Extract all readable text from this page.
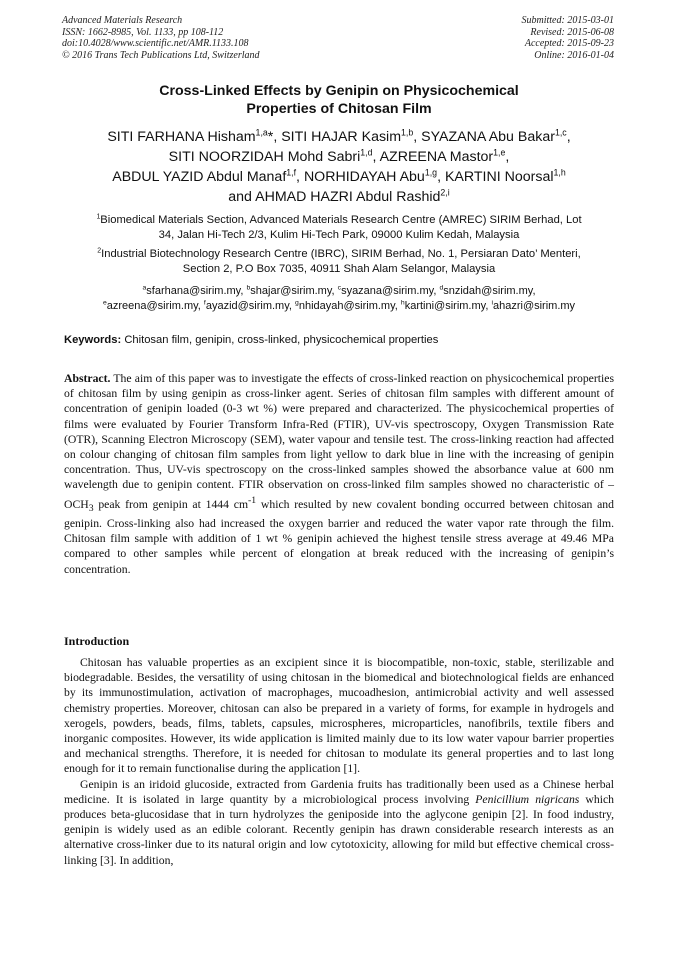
Advanced Materials Research
ISSN: 1662-8985, Vol. 1133, pp 108-112
doi:10.4028/www.scientific.net/AMR.1133.108
© 2016 Trans Tech Publications Ltd, Switzerland
Submitted: 2015-03-01
Revised: 2015-06-08
Accepted: 2015-09-23
Online: 2016-01-04
Cross-Linked Effects by Genipin on Physicochemical
Properties of Chitosan Film
SITI FARHANA Hisham$^{1,a}$*, SITI HAJAR Kasim$^{1,b}$, SYAZANA Abu Bakar$^{1,c}$,
SITI NOORZIDAH Mohd Sabri$^{1,d}$, AZREENA Mastor$^{1,e}$,
ABDUL YAZID Abdul Manaf$^{1,f}$, NORHIDAYAH Abu$^{1,g}$, KARTINI Noorsal$^{1,h}$
and AHMAD HAZRI Abdul Rashid$^{2,i}$
$^1$Biomedical Materials Section, Advanced Materials Research Centre (AMREC) SIRIM Berhad, Lot
34, Jalan Hi-Tech 2/3, Kulim Hi-Tech Park, 09000 Kulim Kedah, Malaysia
$^2$Industrial Biotechnology Research Centre (IBRC), SIRIM Berhad, No. 1, Persiaran Dato’ Menteri,
Section 2, P.O Box 7035, 40911 Shah Alam Selangor, Malaysia
$^a$sfarhana@sirim.my, $^b$shajar@sirim.my, $^c$syazana@sirim.my, $^d$snzidah@sirim.my,
$^e$azreena@sirim.my, $^f$ayazid@sirim.my, $^g$nhidayah@sirim.my, $^h$kartini@sirim.my, $^i$ahazri@sirim.my
Keywords: Chitosan film, genipin, cross-linked, physicochemical properties
Abstract. The aim of this paper was to investigate the effects of cross-linked reaction on physicochemical properties of chitosan film by using genipin as cross-linker agent. Series of chitosan film samples with different amount of concentration of genipin loaded (0-3 wt %) were prepared and characterized. The physicochemical properties of films were evaluated by Fourier Transform Infra-Red (FTIR), UV-vis spectroscopy, Oxygen Transmission Rate (OTR), Scanning Electron Microscopy (SEM), water vapour and tensile test. The cross-linking reaction had affected on colour changing of chitosan film samples from light yellow to dark blue in line with the increasing of genipin concentration. Thus, UV-vis spectroscopy on the cross-linked samples showed the absorbance value at 600 nm wavelength due to genipin content. FTIR observation on cross-linked film samples showed no characteristic of $-OCH_3$ peak from genipin at 1444 $cm^{-1}$ which resulted by new covalent bonding occurred between chitosan and genipin. Cross-linking also had increased the oxygen barrier and reduced the water vapor rate through the film. Chitosan film sample with addition of 1 wt % genipin achieved the highest tensile stress average at 49.46 MPa compared to other samples while percent of elongation at break reduced with the increasing of genipin’s concentration.
Introduction

Chitosan has valuable properties as an excipient since it is biocompatible, non-toxic, stable, sterilizable and biodegradable. Besides, the versatility of using chitosan in the biomedical and biotechnological fields are enhanced by its immunostimulation, activation of macrophages, mucoadhesion, antimicrobial activity and well assessed chemistry properties. Moreover, chitosan can also be prepared in a variety of forms, for example in hydrogels and xerogels, powders, beads, films, tablets, capsules, microspheres, microparticles, nanofibrils, textile fibers and inorganic composites. However, its wide application is limited mainly due to its low water vapour barrier properties and mechanical strengths. Therefore, it is needed for chitosan to modulate its general properties and to last long enough for it to remain functionalise during the application [1].

Genipin is an iridoid glucoside, extracted from Gardenia fruits has traditionally been used as a Chinese herbal medicine. It is isolated in large quantity by a microbiological process involving Penicillium nigricans which produces beta-glucosidase that in turn hydrolyzes the geniposide into the aglycone genipin [2]. In food industry, genipin is widely used as an edible colorant. Recently genipin has drawn considerable research interests as an alternative cross-linker due to its natural origin and low cytotoxicity, allowing for mild but effective chemical cross-linking [3]. In addition,
